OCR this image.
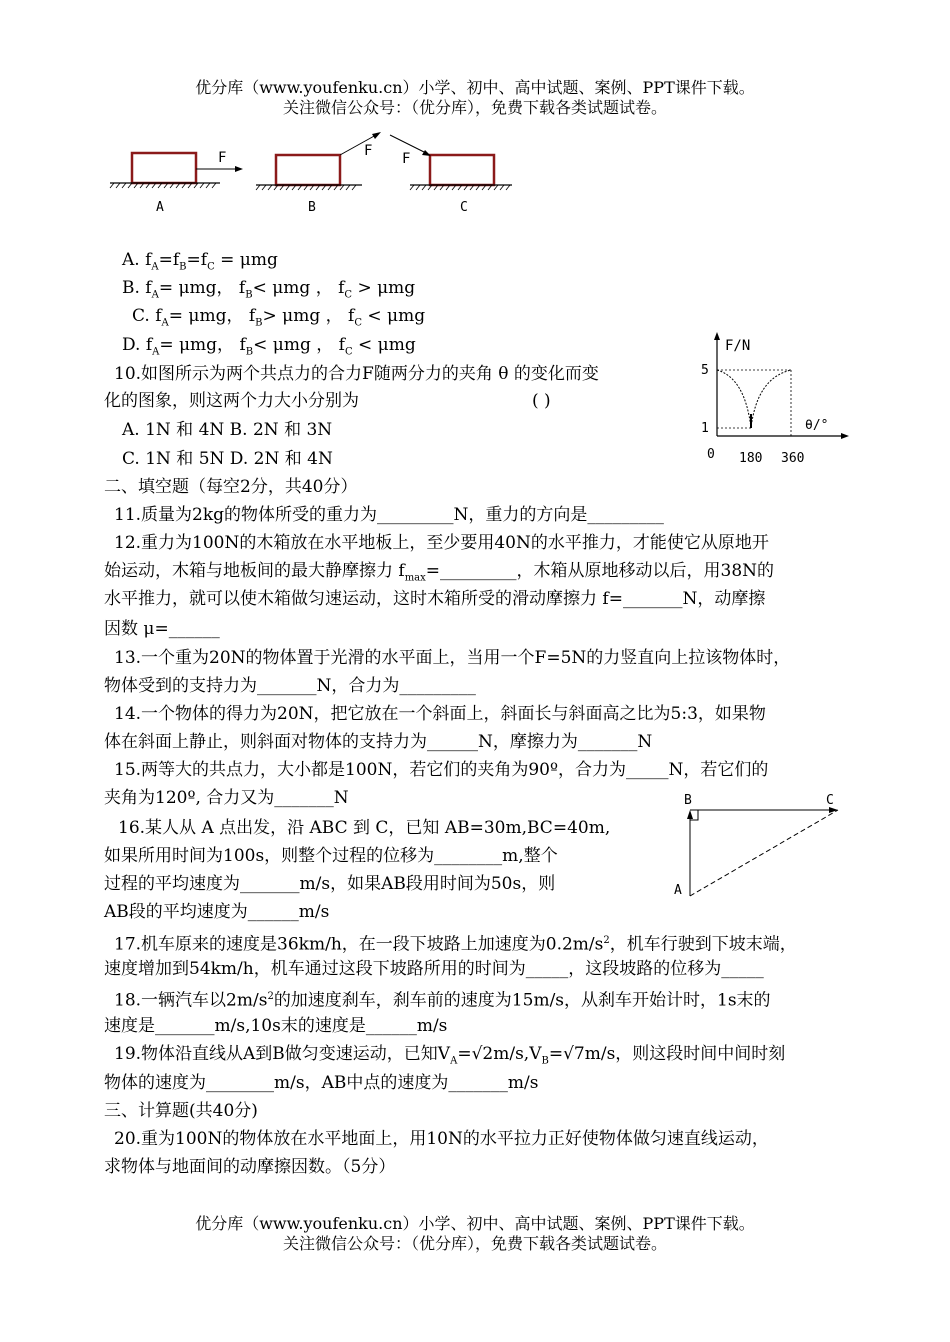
优分库（www.youfenku.cn）小学、初中、高中试题、案例、PPT课件下载。
关注微信公众号：（优分库），免费下载各类试题试卷。
F
A
F
B
F
C
A. $f_A=f_B=f_C = \mu mg$
B. $f_A= \mu mg$， $f_B< \mu mg$ ， $f_C > \mu mg$
C. $f_A= \mu mg$， $f_B> \mu mg$ ， $f_C < \mu mg$
D. $f_A= \mu mg$， $f_B< \mu mg$ ， $f_C < \mu mg$
10.如图所示为两个共点力的合力F随两分力的夹角 θ 的变化而变
化的图象，则这两个力大小分别为	( )
A. 1N 和 4N B. 2N 和 3N
C. 1N 和 5N D. 2N 和 4N
F/N
θ/°
5
1
0 180 360
二、填空题（每空2分，共40分）
11.质量为2kg的物体所受的重力为_________N，重力的方向是_________
12.重力为100N的木箱放在水平地板上，至少要用40N的水平推力，才能使它从原地开
始运动，木箱与地板间的最大静摩擦力 $f_{max}=\_\_\_\_\_\_\_\_\_$，木箱从原地移动以后，用38N的
水平推力，就可以使木箱做匀速运动，这时木箱所受的滑动摩擦力 f=_______N，动摩擦
因数 μ=______
13.一个重为20N的物体置于光滑的水平面上，当用一个F=5N的力竖直向上拉该物体时，
物体受到的支持力为_______N，合力为_________
14.一个物体的得力为20N，把它放在一个斜面上，斜面长与斜面高之比为5:3，如果物
体在斜面上静止，则斜面对物体的支持力为______N，摩擦力为_______N
15.两等大的共点力，大小都是100N，若它们的夹角为90º，合力为_____N，若它们的
夹角为120º, 合力又为_______N
16.某人从 A 点出发，沿 ABC 到 C，已知 AB=30m,BC=40m,
如果所用时间为100s，则整个过程的位移为________m,整个
过程的平均速度为_______m/s，如果AB段用时间为50s，则
AB段的平均速度为______m/s
B	C
A
17.机车原来的速度是36km/h，在一段下坡路上加速度为$0.2m/s^2$，机车行驶到下坡末端，
速度增加到54km/h，机车通过这段下坡路所用的时间为_____，这段坡路的位移为_____
18.一辆汽车以$2m/s^2$的加速度刹车，刹车前的速度为15m/s，从刹车开始计时，1s末的
速度是_______m/s,10s末的速度是______m/s
19.物体沿直线从A到B做匀变速运动，已知$V_A=√2m/s,V_B=√7m/s$，则这段时间中间时刻
物体的速度为________m/s，AB中点的速度为_______m/s
三、计算题(共40分)
20.重为100N的物体放在水平地面上，用10N的水平拉力正好使物体做匀速直线运动，
求物体与地面间的动摩擦因数。（5分）
优分库（www.youfenku.cn）小学、初中、高中试题、案例、PPT课件下载。
关注微信公众号：（优分库），免费下载各类试题试卷。
